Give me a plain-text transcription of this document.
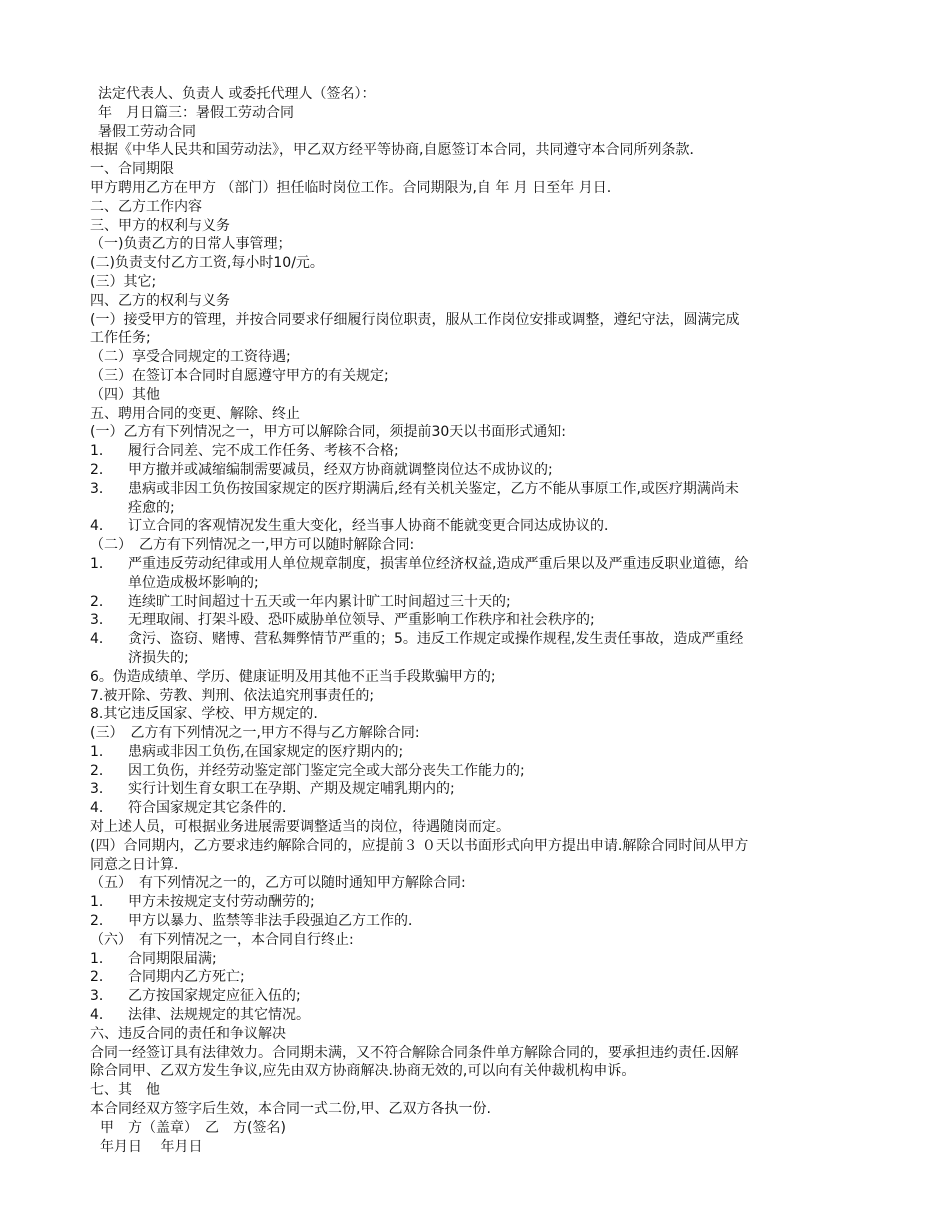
法定代表人、负责人 或委托代理人（签名）：
年　月日篇三：暑假工劳动合同
暑假工劳动合同
根据《中华人民共和国劳动法》，甲乙双方经平等协商,自愿签订本合同，共同遵守本合同所列条款．
一、合同期限
甲方聘用乙方在甲方 （部门）担任临时岗位工作。合同期限为,自 年 月 日至年 月日.
二、乙方工作内容
三、甲方的权利与义务
（一)负责乙方的日常人事管理；
(二)负责支付乙方工资,每小时10/元。
(三）其它;
四、乙方的权利与义务
(一）接受甲方的管理，并按合同要求仔细履行岗位职责，服从工作岗位安排或调整，遵纪守法，圆满完成
工作任务;
（二）享受合同规定的工资待遇;
（三）在签订本合同时自愿遵守甲方的有关规定;
（四）其他
五、聘用合同的变更、解除、终止
(一）乙方有下列情况之一，甲方可以解除合同，须提前30天以书面形式通知:
1．	履行合同差、完不成工作任务、考核不合格;
2．	甲方撤并或减缩编制需要减员，经双方协商就调整岗位达不成协议的;
3．	患病或非因工负伤按国家规定的医疗期满后,经有关机关鉴定，乙方不能从事原工作,或医疗期满尚未
痊愈的;
4．	订立合同的客观情况发生重大变化，经当事人协商不能就变更合同达成协议的．
（二）　乙方有下列情况之一,甲方可以随时解除合同:
1．	严重违反劳动纪律或用人单位规章制度，损害单位经济权益,造成严重后果以及严重违反职业道德，给
单位造成极坏影响的;
2．	连续旷工时间超过十五天或一年内累计旷工时间超过三十天的;
3．	无理取闹、打架斗殴、恐吓威胁单位领导、严重影响工作秩序和社会秩序的;
4．	贪污、盗窃、赌博、营私舞弊情节严重的；5。违反工作规定或操作规程,发生责任事故，造成严重经
济损失的;
6。伪造成绩单、学历、健康证明及用其他不正当手段欺骗甲方的;
7.被开除、劳教、判刑、依法追究刑事责任的;
8.其它违反国家、学校、甲方规定的.
(三）　乙方有下列情况之一,甲方不得与乙方解除合同:
1．	患病或非因工负伤,在国家规定的医疗期内的;
2．	因工负伤，并经劳动鉴定部门鉴定完全或大部分丧失工作能力的;
3．	实行计划生育女职工在孕期、产期及规定哺乳期内的;
4．	符合国家规定其它条件的．
对上述人员，可根据业务进展需要调整适当的岗位，待遇随岗而定。
(四）合同期内，乙方要求违约解除合同的，应提前３ ０天以书面形式向甲方提出申请.解除合同时间从甲方
同意之日计算．
（五）　有下列情况之一的，乙方可以随时通知甲方解除合同:
1．	甲方未按规定支付劳动酬劳的;
2．	甲方以暴力、监禁等非法手段强迫乙方工作的．
（六）　有下列情况之一，本合同自行终止:
1．	合同期限届满;
2．	合同期内乙方死亡;
3．	乙方按国家规定应征入伍的;
4．	法律、法规规定的其它情况。
六、违反合同的责任和争议解决
合同一经签订具有法律效力。合同期未满，又不符合解除合同条件单方解除合同的，要承担违约责任.因解
除合同甲、乙双方发生争议,应先由双方协商解决.协商无效的,可以向有关仲裁机构申诉。
七、其　他
本合同经双方签字后生效，本合同一式二份,甲、乙双方各执一份.
甲　方（盖章）　乙　方(签名)
年月日　 年月日
